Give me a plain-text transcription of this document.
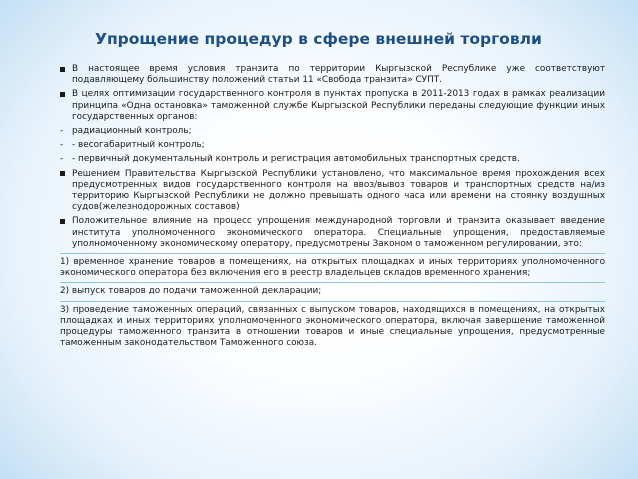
Упрощение процедур в сфере внешней торговли
В настоящее время условия транзита по территории Кыргызской Республике уже соответствуют подавляющему большинству положений статьи 11 «Свобода транзита» СУПТ.
В целях оптимизации государственного контроля в пунктах пропуска в 2011-2013 годах в рамках реализации принципа «Одна остановка» таможенной службе Кыргызской Республики переданы следующие функции иных государственных органов:
- радиационный контроль;
- - весогабаритный контроль;
- - первичный документальный контроль и регистрация автомобильных транспортных средств.
Решением Правительства Кыргызской Республики установлено, что максимальное время прохождения всех предусмотренных видов государственного контроля на ввоз/вывоз товаров и транспортных средств на/из территорию Кыргызской Республики не должно превышать одного часа или времени на стоянку воздушных судов(железнодорожных составов)
Положительное влияние на процесс упрощения международной торговли и транзита оказывает введение института уполномоченного экономического оператора. Специальные упрощения, предоставляемые уполномоченному экономическому оператору, предусмотрены Законом о таможенном регулировании, это:
1) временное хранение товаров в помещениях, на открытых площадках и иных территориях уполномоченного экономического оператора без включения его в реестр владельцев складов временного хранения;
2) выпуск товаров до подачи таможенной декларации;
3) проведение таможенных операций, связанных с выпуском товаров, находящихся в помещениях, на открытых площадках и иных территориях уполномоченного экономического оператора, включая завершение таможенной процедуры таможенного транзита в отношении товаров и иные специальные упрощения, предусмотренные таможенным законодательством Таможенного союза.
